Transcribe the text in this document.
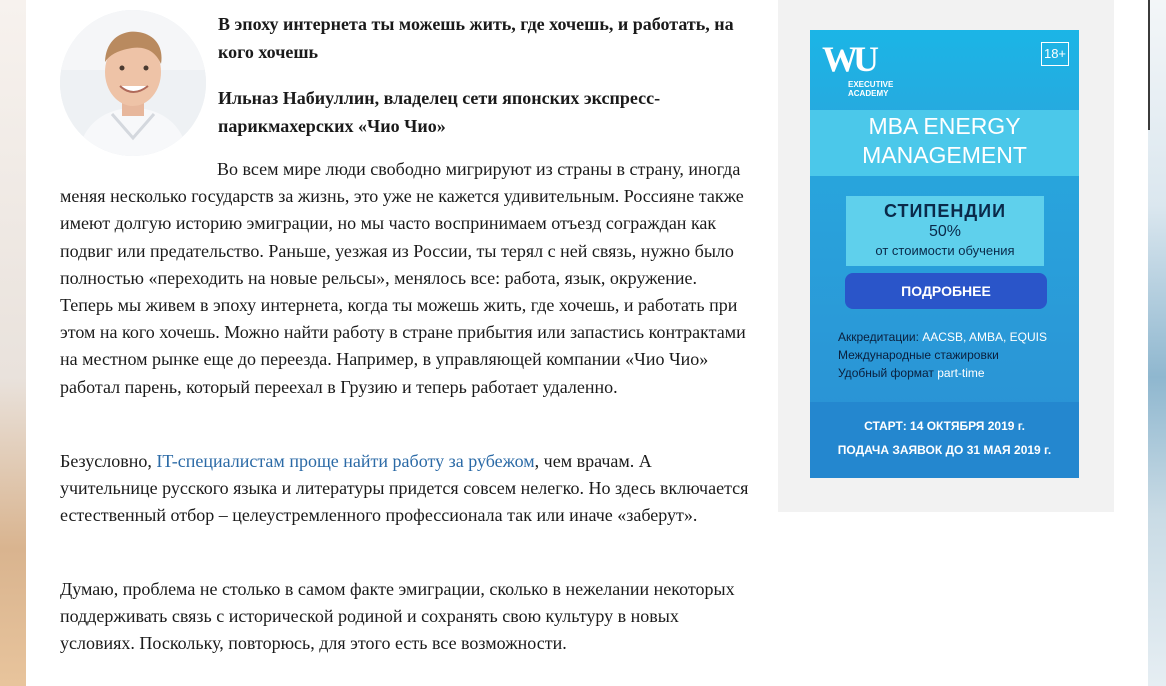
В эпоху интернета ты можешь жить, где хочешь, и работать, на кого хочешь

Ильназ Набиуллин, владелец сети японских экспресс-парикмахерских «Чио Чио»

Во всем мире люди свободно мигрируют из страны в страну, иногда меняя несколько государств за жизнь, это уже не кажется удивительным. Россияне также имеют долгую историю эмиграции, но мы часто воспринимаем отъезд сограждан как подвиг или предательство. Раньше, уезжая из России, ты терял с ней связь, нужно было полностью «переходить на новые рельсы», менялось все: работа, язык, окружение. Теперь мы живем в эпоху интернета, когда ты можешь жить, где хочешь, и работать при этом на кого хочешь. Можно найти работу в стране прибытия или запастись контрактами на местном рынке еще до переезда. Например, в управляющей компании «Чио Чио» работал парень, который переехал в Грузию и теперь работает удаленно.

Безусловно, IT-специалистам проще найти работу за рубежом, чем врачам. А учительнице русского языка и литературы придется совсем нелегко. Но здесь включается естественный отбор – целеустремленного профессионала так или иначе «заберут».

Думаю, проблема не столько в самом факте эмиграции, сколько в нежелании некоторых поддерживать связь с исторической родиной и сохранять свою культуру в новых условиях. Поскольку, повторюсь, для этого есть все возможности.

WU
EXECUTIVE
ACADEMY
18+
MBA ENERGY
MANAGEMENT
СТИПЕНДИИ
50%
от стоимости обучения
ПОДРОБНЕЕ
Аккредитации: AACSB, AMBA, EQUIS
Международные стажировки
Удобный формат part-time
СТАРТ: 14 ОКТЯБРЯ 2019 г.
ПОДАЧА ЗАЯВОК ДО 31 МАЯ 2019 г.
